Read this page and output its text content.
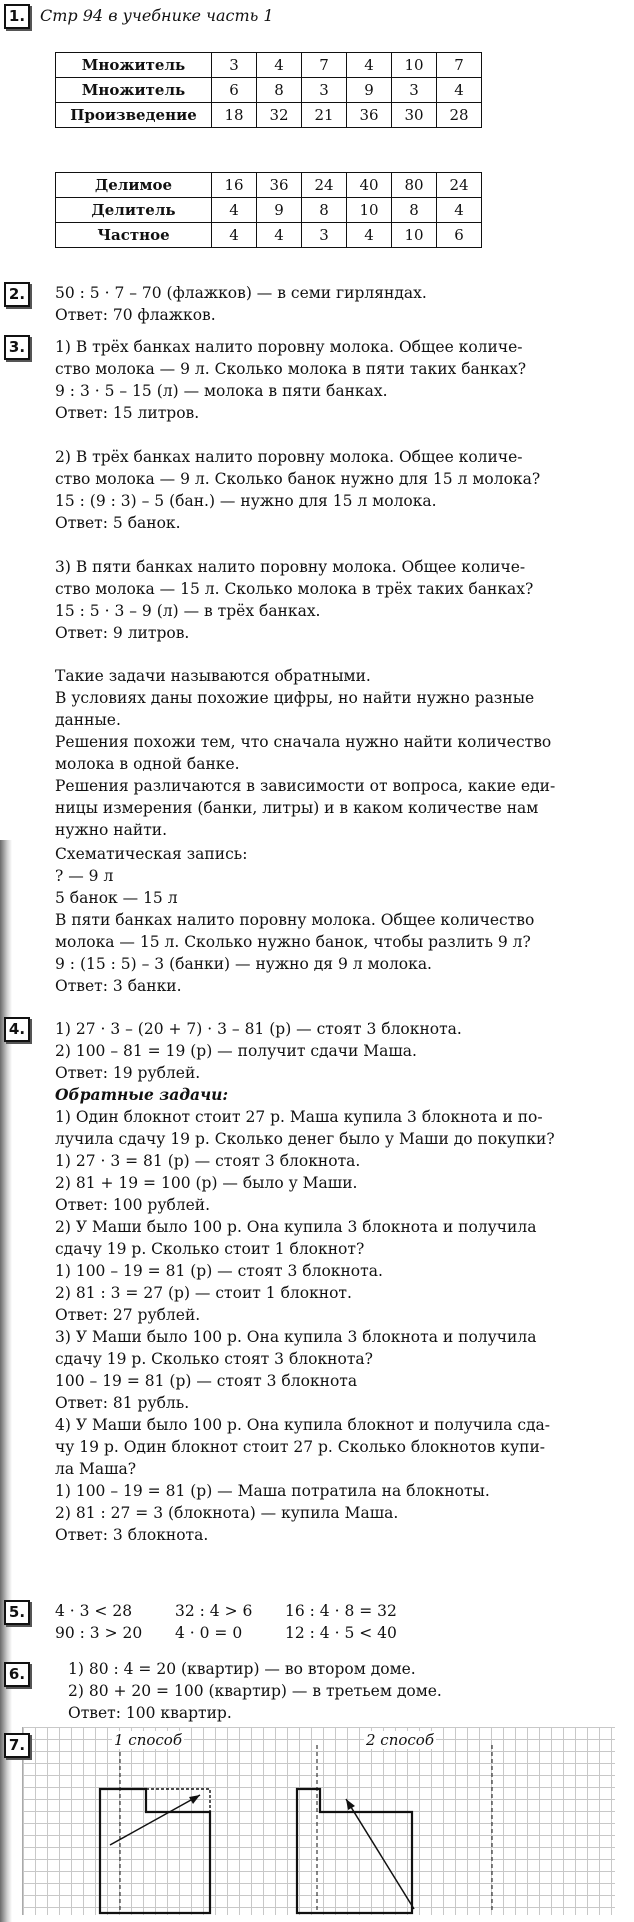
1. Стр 94 в учебнике часть 1
Множитель	3	4	7	4	10	7
Множитель	6	8	3	9	3	4
Произведение	18	32	21	36	30	28
Делимое	16	36	24	40	80	24
Делитель	4	9	8	10	8	4
Частное	4	4	3	4	10	6
2.	50 : 5 · 7 – 70 (флажков) — в семи гирляндах.
Ответ: 70 флажков.
3.	1) В трёх банках налито поровну молока. Общее количе-
ство молока — 9 л. Сколько молока в пяти таких банках?
9 : 3 · 5 – 15 (л) — молока в пяти банках.
Ответ: 15 литров.
2) В трёх банках налито поровну молока. Общее количе-
ство молока — 9 л. Сколько банок нужно для 15 л молока?
15 : (9 : 3) – 5 (бан.) — нужно для 15 л молока.
Ответ: 5 банок.
3) В пяти банках налито поровну молока. Общее количе-
ство молока — 15 л. Сколько молока в трёх таких банках?
15 : 5 · 3 – 9 (л) — в трёх банках.
Ответ: 9 литров.
Такие задачи называются обратными.
В условиях даны похожие цифры, но найти нужно разные
данные.
Решения похожи тем, что сначала нужно найти количество
молока в одной банке.
Решения различаются в зависимости от вопроса, какие еди-
ницы измерения (банки, литры) и в каком количестве нам
нужно найти.
Схематическая запись:
? — 9 л
5 банок — 15 л
В пяти банках налито поровну молока. Общее количество
молока — 15 л. Сколько нужно банок, чтобы разлить 9 л?
9 : (15 : 5) – 3 (банки) — нужно дя 9 л молока.
Ответ: 3 банки.
4.	1) 27 · 3 – (20 + 7) · 3 – 81 (р) — стоят 3 блокнота.
2) 100 – 81 = 19 (р) — получит сдачи Маша.
Ответ: 19 рублей.
Обратные задачи:
1) Один блокнот стоит 27 р. Маша купила 3 блокнота и по-
лучила сдачу 19 р. Сколько денег было у Маши до покупки?
1) 27 · 3 = 81 (р) — стоят 3 блокнота.
2) 81 + 19 = 100 (р) — было у Маши.
Ответ: 100 рублей.
2) У Маши было 100 р. Она купила 3 блокнота и получила
сдачу 19 р. Сколько стоит 1 блокнот?
1) 100 – 19 = 81 (р) — стоят 3 блокнота.
2) 81 : 3 = 27 (р) — стоит 1 блокнот.
Ответ: 27 рублей.
3) У Маши было 100 р. Она купила 3 блокнота и получила
сдачу 19 р. Сколько стоят 3 блокнота?
100 – 19 = 81 (р) — стоят 3 блокнота
Ответ: 81 рубль.
4) У Маши было 100 р. Она купила блокнот и получила сда-
чу 19 р. Один блокнот стоит 27 р. Сколько блокнотов купи-
ла Маша?
1) 100 – 19 = 81 (р) — Маша потратила на блокноты.
2) 81 : 27 = 3 (блокнота) — купила Маша.
Ответ: 3 блокнота.
5.	4 · 3 < 28	32 : 4 > 6 16 : 4 · 8 = 32
90 : 3 > 20 4 · 0 = 0	12 : 4 · 5 < 40
6.	1) 80 : 4 = 20 (квартир) — во втором доме.
2) 80 + 20 = 100 (квартир) — в третьем доме.
Ответ: 100 квартир.
7.	1 способ	2 способ
